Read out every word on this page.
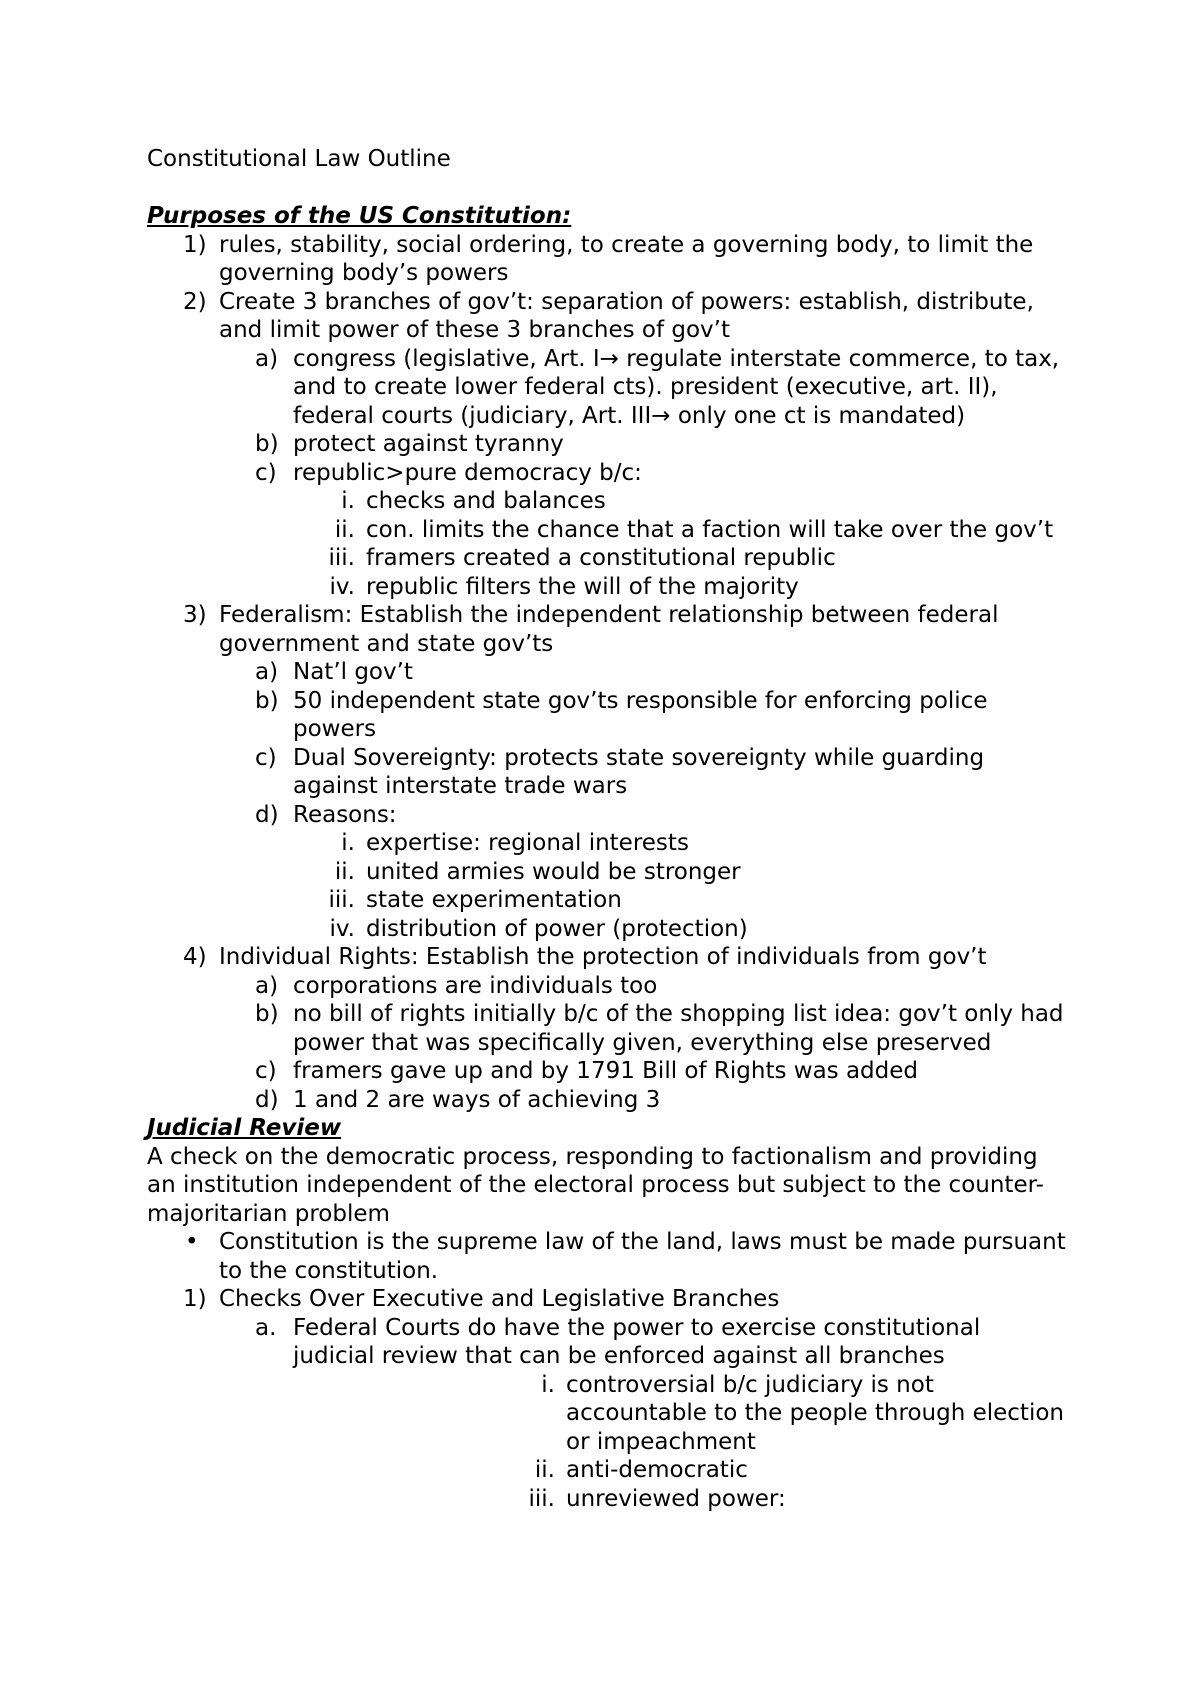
Constitutional Law Outline

Purposes of the US Constitution:
1) rules, stability, social ordering, to create a governing body, to limit the governing body’s powers
2) Create 3 branches of gov’t: separation of powers: establish, distribute, and limit power of these 3 branches of gov’t
a) congress (legislative, Art. I→ regulate interstate commerce, to tax, and to create lower federal cts). president (executive, art. II), federal courts (judiciary, Art. III→ only one ct is mandated)
b) protect against tyranny
c) republic>pure democracy b/c:
i. checks and balances
ii. con. limits the chance that a faction will take over the gov’t
iii. framers created a constitutional republic
iv. republic filters the will of the majority
3) Federalism: Establish the independent relationship between federal government and state gov’ts
a) Nat’l gov’t
b) 50 independent state gov’ts responsible for enforcing police powers
c) Dual Sovereignty: protects state sovereignty while guarding against interstate trade wars
d) Reasons:
i. expertise: regional interests
ii. united armies would be stronger
iii. state experimentation
iv. distribution of power (protection)
4) Individual Rights: Establish the protection of individuals from gov’t
a) corporations are individuals too
b) no bill of rights initially b/c of the shopping list idea: gov’t only had power that was specifically given, everything else preserved
c) framers gave up and by 1791 Bill of Rights was added
d) 1 and 2 are ways of achieving 3
Judicial Review
A check on the democratic process, responding to factionalism and providing an institution independent of the electoral process but subject to the counter-majoritarian problem
• Constitution is the supreme law of the land, laws must be made pursuant to the constitution.
1) Checks Over Executive and Legislative Branches
a. Federal Courts do have the power to exercise constitutional judicial review that can be enforced against all branches
i. controversial b/c judiciary is not accountable to the people through election or impeachment
ii. anti-democratic
iii. unreviewed power:
